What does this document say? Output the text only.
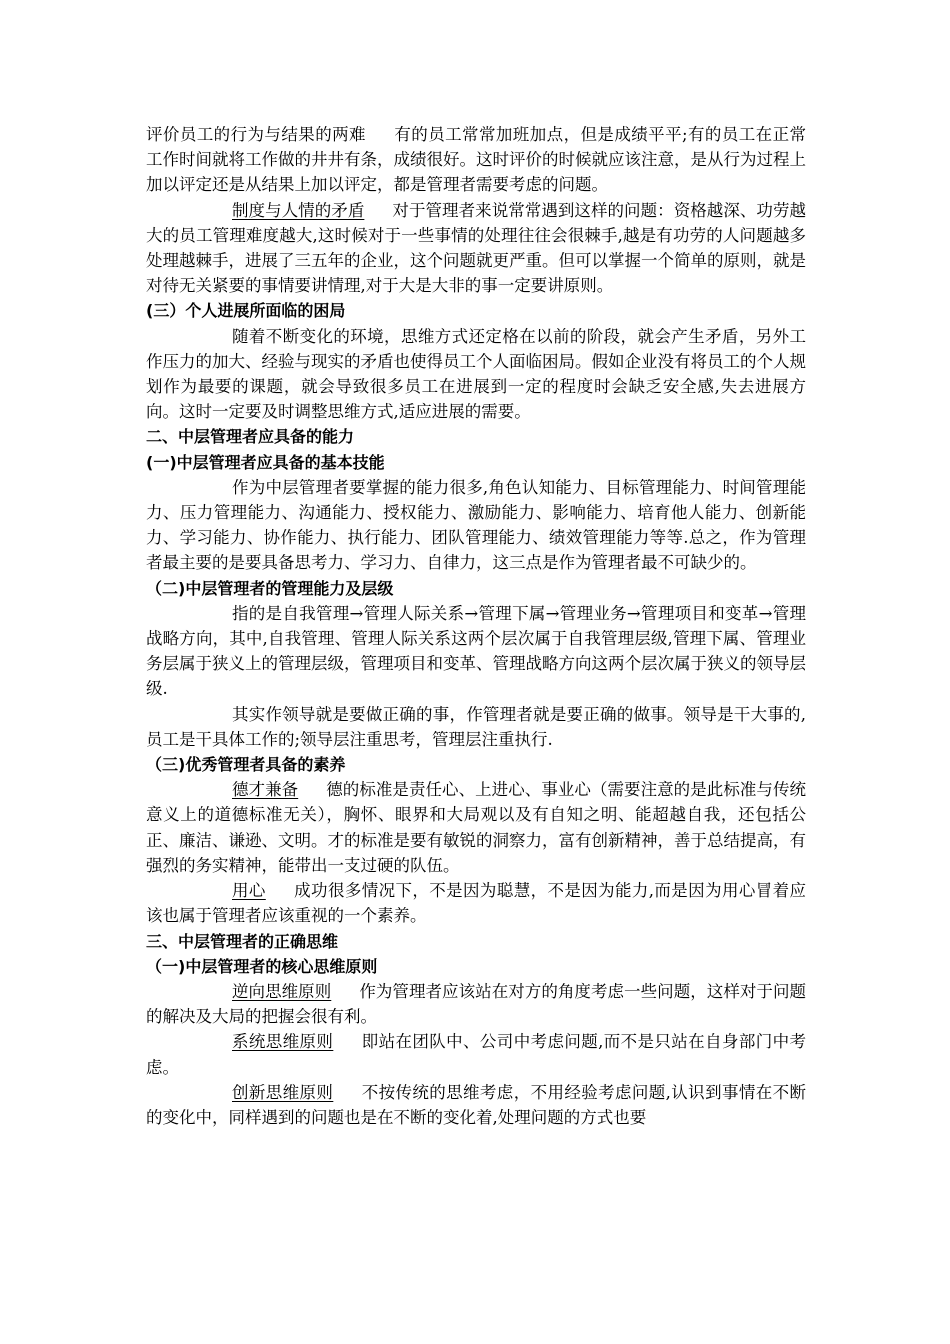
评价员工的行为与结果的两难 有的员工常常加班加点，但是成绩平平;有的员工在正常工作时间就将工作做的井井有条，成绩很好。这时评价的时候就应该注意，是从行为过程上加以评定还是从结果上加以评定，都是管理者需要考虑的问题。

制度与人情的矛盾 对于管理者来说常常遇到这样的问题：资格越深、功劳越大的员工管理难度越大,这时候对于一些事情的处理往往会很棘手,越是有功劳的人问题越多处理越棘手，进展了三五年的企业，这个问题就更严重。但可以掌握一个简单的原则，就是对待无关紧要的事情要讲情理,对于大是大非的事一定要讲原则。

(三）个人进展所面临的困局

随着不断变化的环境，思维方式还定格在以前的阶段，就会产生矛盾，另外工作压力的加大、经验与现实的矛盾也使得员工个人面临困局。假如企业没有将员工的个人规划作为最要的课题，就会导致很多员工在进展到一定的程度时会缺乏安全感,失去进展方向。这时一定要及时调整思维方式,适应进展的需要。

二、中层管理者应具备的能力

(一)中层管理者应具备的基本技能

作为中层管理者要掌握的能力很多,角色认知能力、目标管理能力、时间管理能力、压力管理能力、沟通能力、授权能力、激励能力、影响能力、培育他人能力、创新能力、学习能力、协作能力、执行能力、团队管理能力、绩效管理能力等等.总之，作为管理者最主要的是要具备思考力、学习力、自律力，这三点是作为管理者最不可缺少的。

（二)中层管理者的管理能力及层级

指的是自我管理→管理人际关系→管理下属→管理业务→管理项目和变革→管理战略方向，其中,自我管理、管理人际关系这两个层次属于自我管理层级,管理下属、管理业务层属于狭义上的管理层级，管理项目和变革、管理战略方向这两个层次属于狭义的领导层级.

其实作领导就是要做正确的事，作管理者就是要正确的做事。领导是干大事的,员工是干具体工作的;领导层注重思考，管理层注重执行.

（三)优秀管理者具备的素养

德才兼备 德的标准是责任心、上进心、事业心（需要注意的是此标准与传统意义上的道德标准无关），胸怀、眼界和大局观以及有自知之明、能超越自我，还包括公正、廉洁、谦逊、文明。才的标准是要有敏锐的洞察力，富有创新精神，善于总结提高，有强烈的务实精神，能带出一支过硬的队伍。

用心 成功很多情况下，不是因为聪慧，不是因为能力,而是因为用心冒着应该也属于管理者应该重视的一个素养。

三、中层管理者的正确思维

（一)中层管理者的核心思维原则

逆向思维原则 作为管理者应该站在对方的角度考虑一些问题，这样对于问题的解决及大局的把握会很有利。

系统思维原则 即站在团队中、公司中考虑问题,而不是只站在自身部门中考虑。

创新思维原则 不按传统的思维考虑，不用经验考虑问题,认识到事情在不断的变化中，同样遇到的问题也是在不断的变化着,处理问题的方式也要
